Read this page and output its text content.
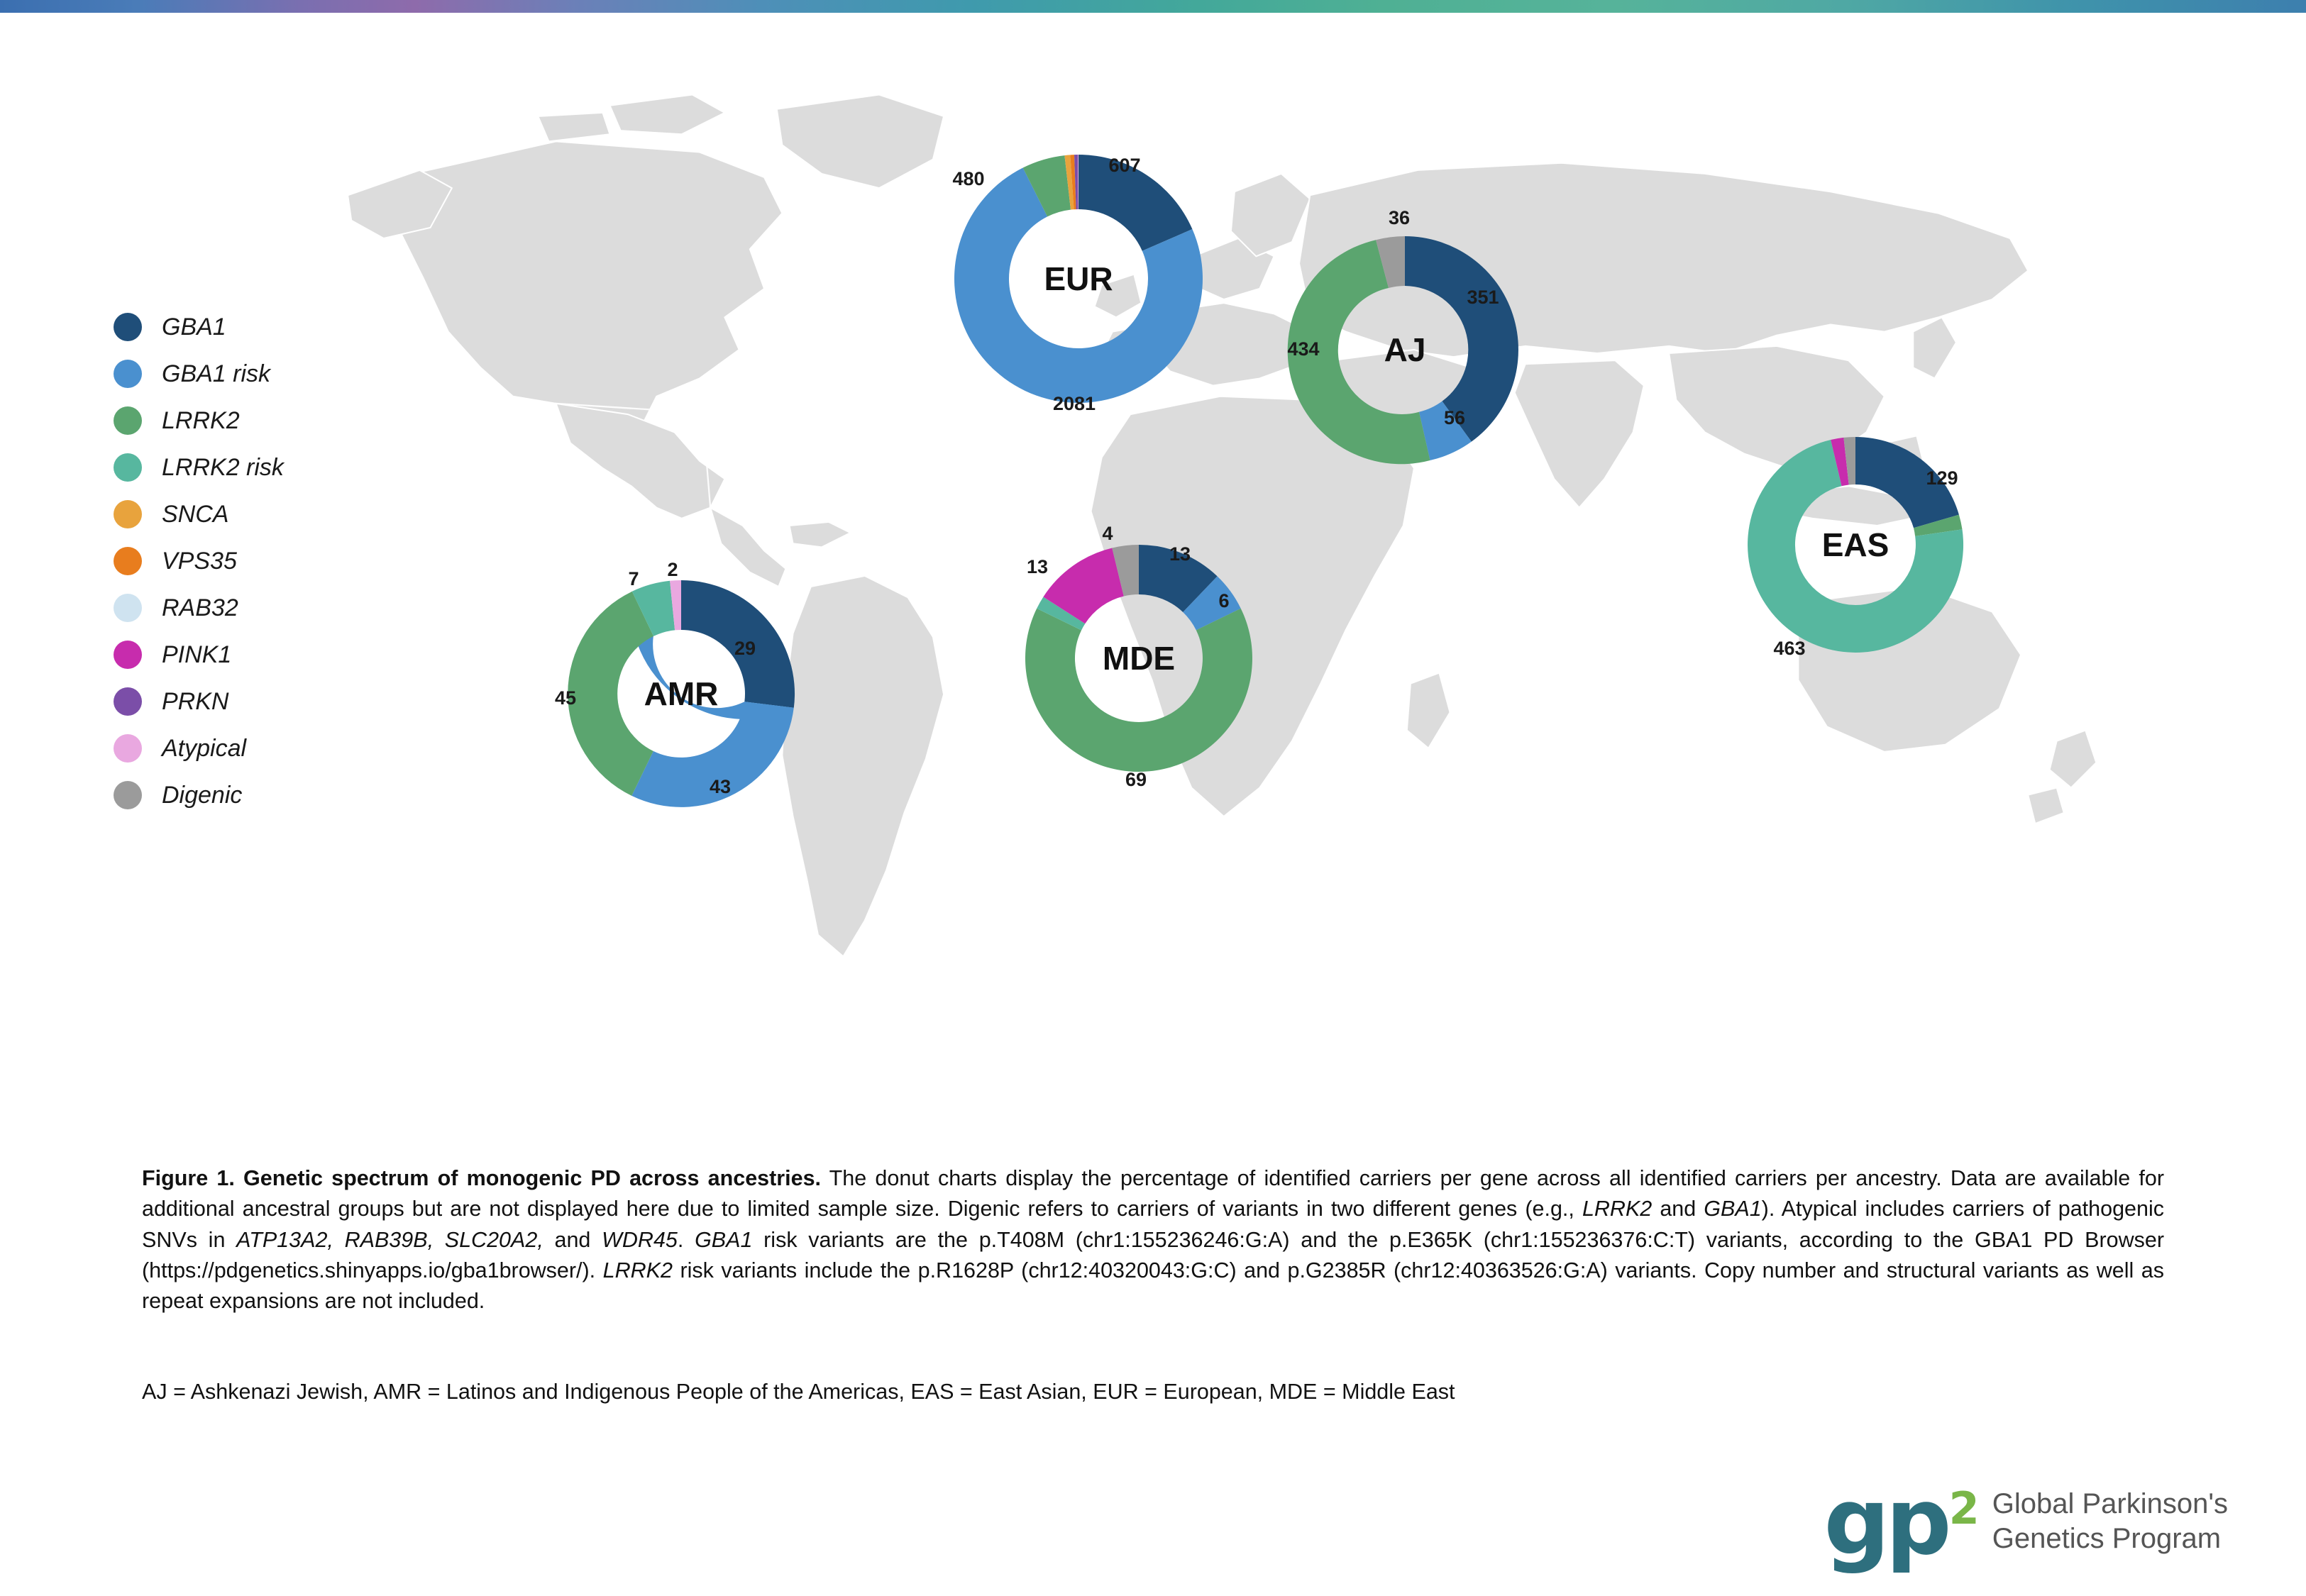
GBA1
GBA1 risk
LRRK2
LRRK2 risk
SNCA
VPS35
RAB32
PINK1
PRKN
Atypical
Digenic
607
2081
480
EUR	351
56
434
36
AJ
129
463
EAS
29
43
45
7 2
AMR
13
6
69
13
4
MDE
Figure 1. Genetic spectrum of monogenic PD across ancestries. The donut charts display the percentage of identified carriers per gene across all identified carriers per ancestry. Data are available for additional ancestral groups but are not displayed here due to limited sample size. Digenic refers to carriers of variants in two different genes (e.g., LRRK2 and GBA1). Atypical includes carriers of pathogenic SNVs in ATP13A2, RAB39B, SLC20A2, and WDR45. GBA1 risk variants are the p.T408M (chr1:155236246:G:A) and the p.E365K (chr1:155236376:C:T) variants, according to the GBA1 PD Browser (https://pdgenetics.shinyapps.io/gba1browser/). LRRK2 risk variants include the p.R1628P (chr12:40320043:G:C) and p.G2385R (chr12:40363526:G:A) variants. Copy number and structural variants as well as repeat expansions are not included.
AJ = Ashkenazi Jewish, AMR = Latinos and Indigenous People of the Americas, EAS = East Asian, EUR = European, MDE = Middle East
$gp^2$ Global Parkinson's
Genetics Program
